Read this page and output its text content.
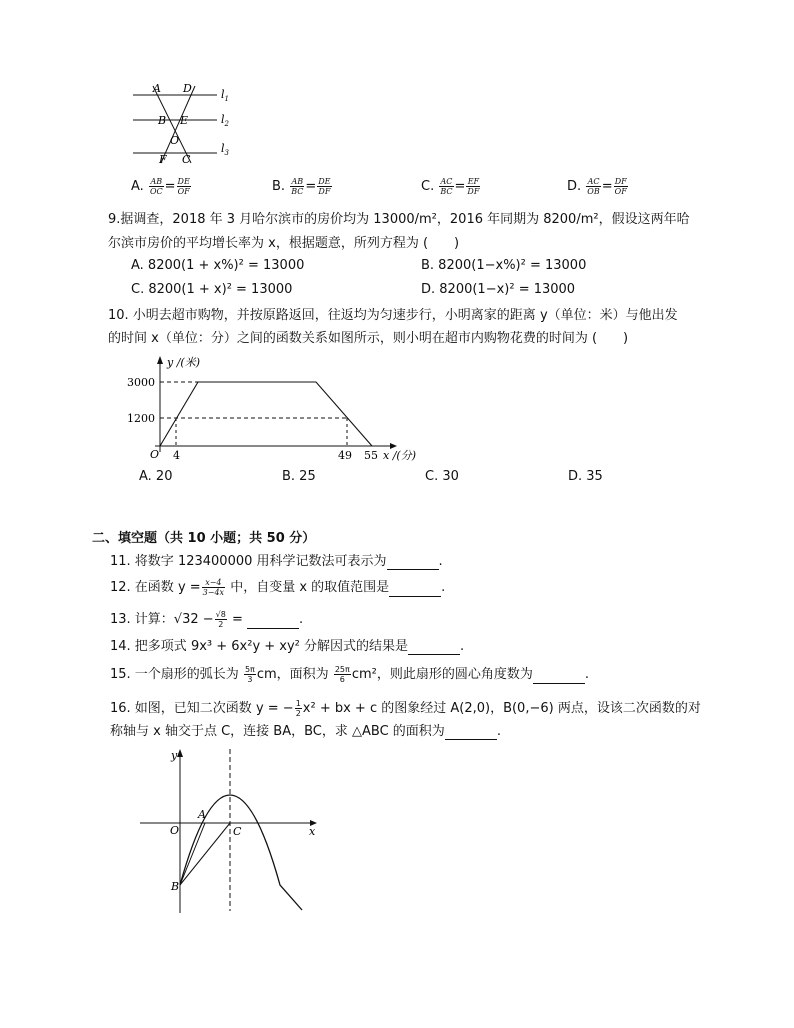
A D
B E
O
F C
$l_1$
$l_2$
$l_3$
A. $\frac{AB}{OC} = \frac{DE}{OF}$	B. $\frac{AB}{BC} = \frac{DE}{DF}$	C. $\frac{AC}{BC} = \frac{EF}{DF}$	D. $\frac{AC}{OB} = \frac{DF}{OF}$
9.据调查，2018 年 3 月哈尔滨市的房价均为 13000/m²，2016 年同期为 8200/m²，假设这两年哈
尔滨市房价的平均增长率为 x，根据题意，所列方程为 (　　)
A. 8200(1 + x%)² = 13000	B. 8200(1−x%)² = 13000
C. 8200(1 + x)² = 13000	D. 8200(1−x)² = 13000
10. 小明去超市购物，并按原路返回，往返均为匀速步行，小明离家的距离 y（单位：米）与他出发
的时间 x（单位：分）之间的函数关系如图所示，则小明在超市内购物花费的时间为 (　　)
y /(米)
3000
1200
O 4	49 55 x /(分)
A. 20	B. 25	C. 30	D. 35
二、填空题（共 10 小题；共 50 分）
11. 将数字 123400000 用科学记数法可表示为	.
12. 在函数 $y = \frac{x-4}{3-4x}$ 中，自变量 x 的取值范围是	.
13. 计算：$√32 - \frac{√8}{2}$ =	.
14. 把多项式 9x³ + 6x²y + xy² 分解因式的结果是	.
15. 一个扇形的弧长为 $\frac{5\pi}{3}$ cm，面积为 $\frac{25\pi}{6} cm^2$，则此扇形的圆心角度数为	.
16. 如图，已知二次函数 y = − $\frac{1}{2} x^2$ + bx + c 的图象经过 A(2,0)，B(0,−6) 两点，设该二次函数的对
称轴与 x 轴交于点 C，连接 BA，BC，求 △ABC 的面积为	.
y
x
O
A
B
C
